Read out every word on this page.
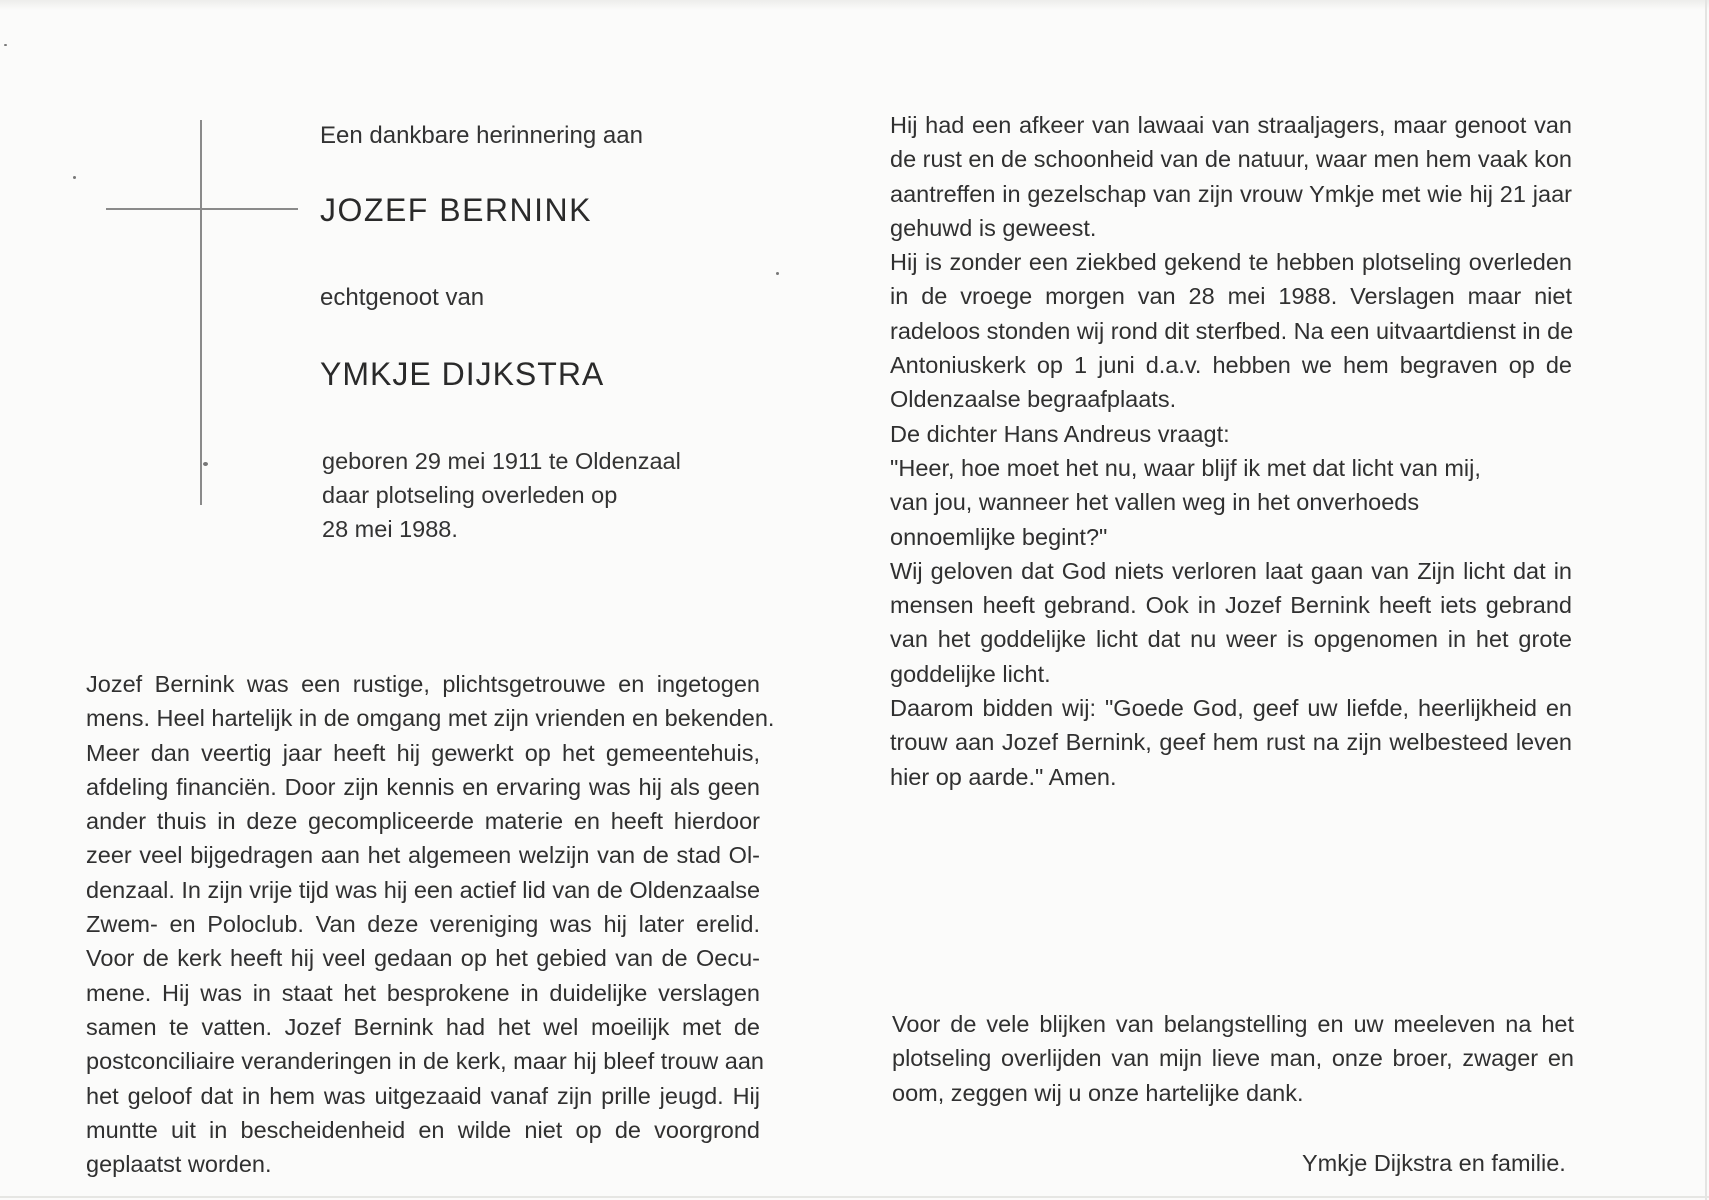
Een dankbare herinnering aan

JOZEF BERNINK

echtgenoot van

YMKJE DIJKSTRA

geboren 29 mei 1911 te Oldenzaal
daar plotseling overleden op
28 mei 1988.
Jozef Bernink was een rustige, plichtsgetrouwe en ingetogen
mens. Heel hartelijk in de omgang met zijn vrienden en bekenden.
Meer dan veertig jaar heeft hij gewerkt op het gemeentehuis,
afdeling financiën. Door zijn kennis en ervaring was hij als geen
ander thuis in deze gecompliceerde materie en heeft hierdoor
zeer veel bijgedragen aan het algemeen welzijn van de stad Ol-
denzaal. In zijn vrije tijd was hij een actief lid van de Oldenzaalse
Zwem- en Poloclub. Van deze vereniging was hij later erelid.
Voor de kerk heeft hij veel gedaan op het gebied van de Oecu-
mene. Hij was in staat het besprokene in duidelijke verslagen
samen te vatten. Jozef Bernink had het wel moeilijk met de
postconciliaire veranderingen in de kerk, maar hij bleef trouw aan
het geloof dat in hem was uitgezaaid vanaf zijn prille jeugd. Hij
muntte uit in bescheidenheid en wilde niet op de voorgrond
geplaatst worden.
Hij had een afkeer van lawaai van straaljagers, maar genoot van
de rust en de schoonheid van de natuur, waar men hem vaak kon
aantreffen in gezelschap van zijn vrouw Ymkje met wie hij 21 jaar
gehuwd is geweest.
Hij is zonder een ziekbed gekend te hebben plotseling overleden
in de vroege morgen van 28 mei 1988. Verslagen maar niet
radeloos stonden wij rond dit sterfbed. Na een uitvaartdienst in de
Antoniuskerk op 1 juni d.a.v. hebben we hem begraven op de
Oldenzaalse begraafplaats.
De dichter Hans Andreus vraagt:
"Heer, hoe moet het nu, waar blijf ik met dat licht van mij,
van jou, wanneer het vallen weg in het onverhoeds
onnoemlijke begint?"
Wij geloven dat God niets verloren laat gaan van Zijn licht dat in
mensen heeft gebrand. Ook in Jozef Bernink heeft iets gebrand
van het goddelijke licht dat nu weer is opgenomen in het grote
goddelijke licht.
Daarom bidden wij: "Goede God, geef uw liefde, heerlijkheid en
trouw aan Jozef Bernink, geef hem rust na zijn welbesteed leven
hier op aarde." Amen.
Voor de vele blijken van belangstelling en uw meeleven na het
plotseling overlijden van mijn lieve man, onze broer, zwager en
oom, zeggen wij u onze hartelijke dank.

Ymkje Dijkstra en familie.
